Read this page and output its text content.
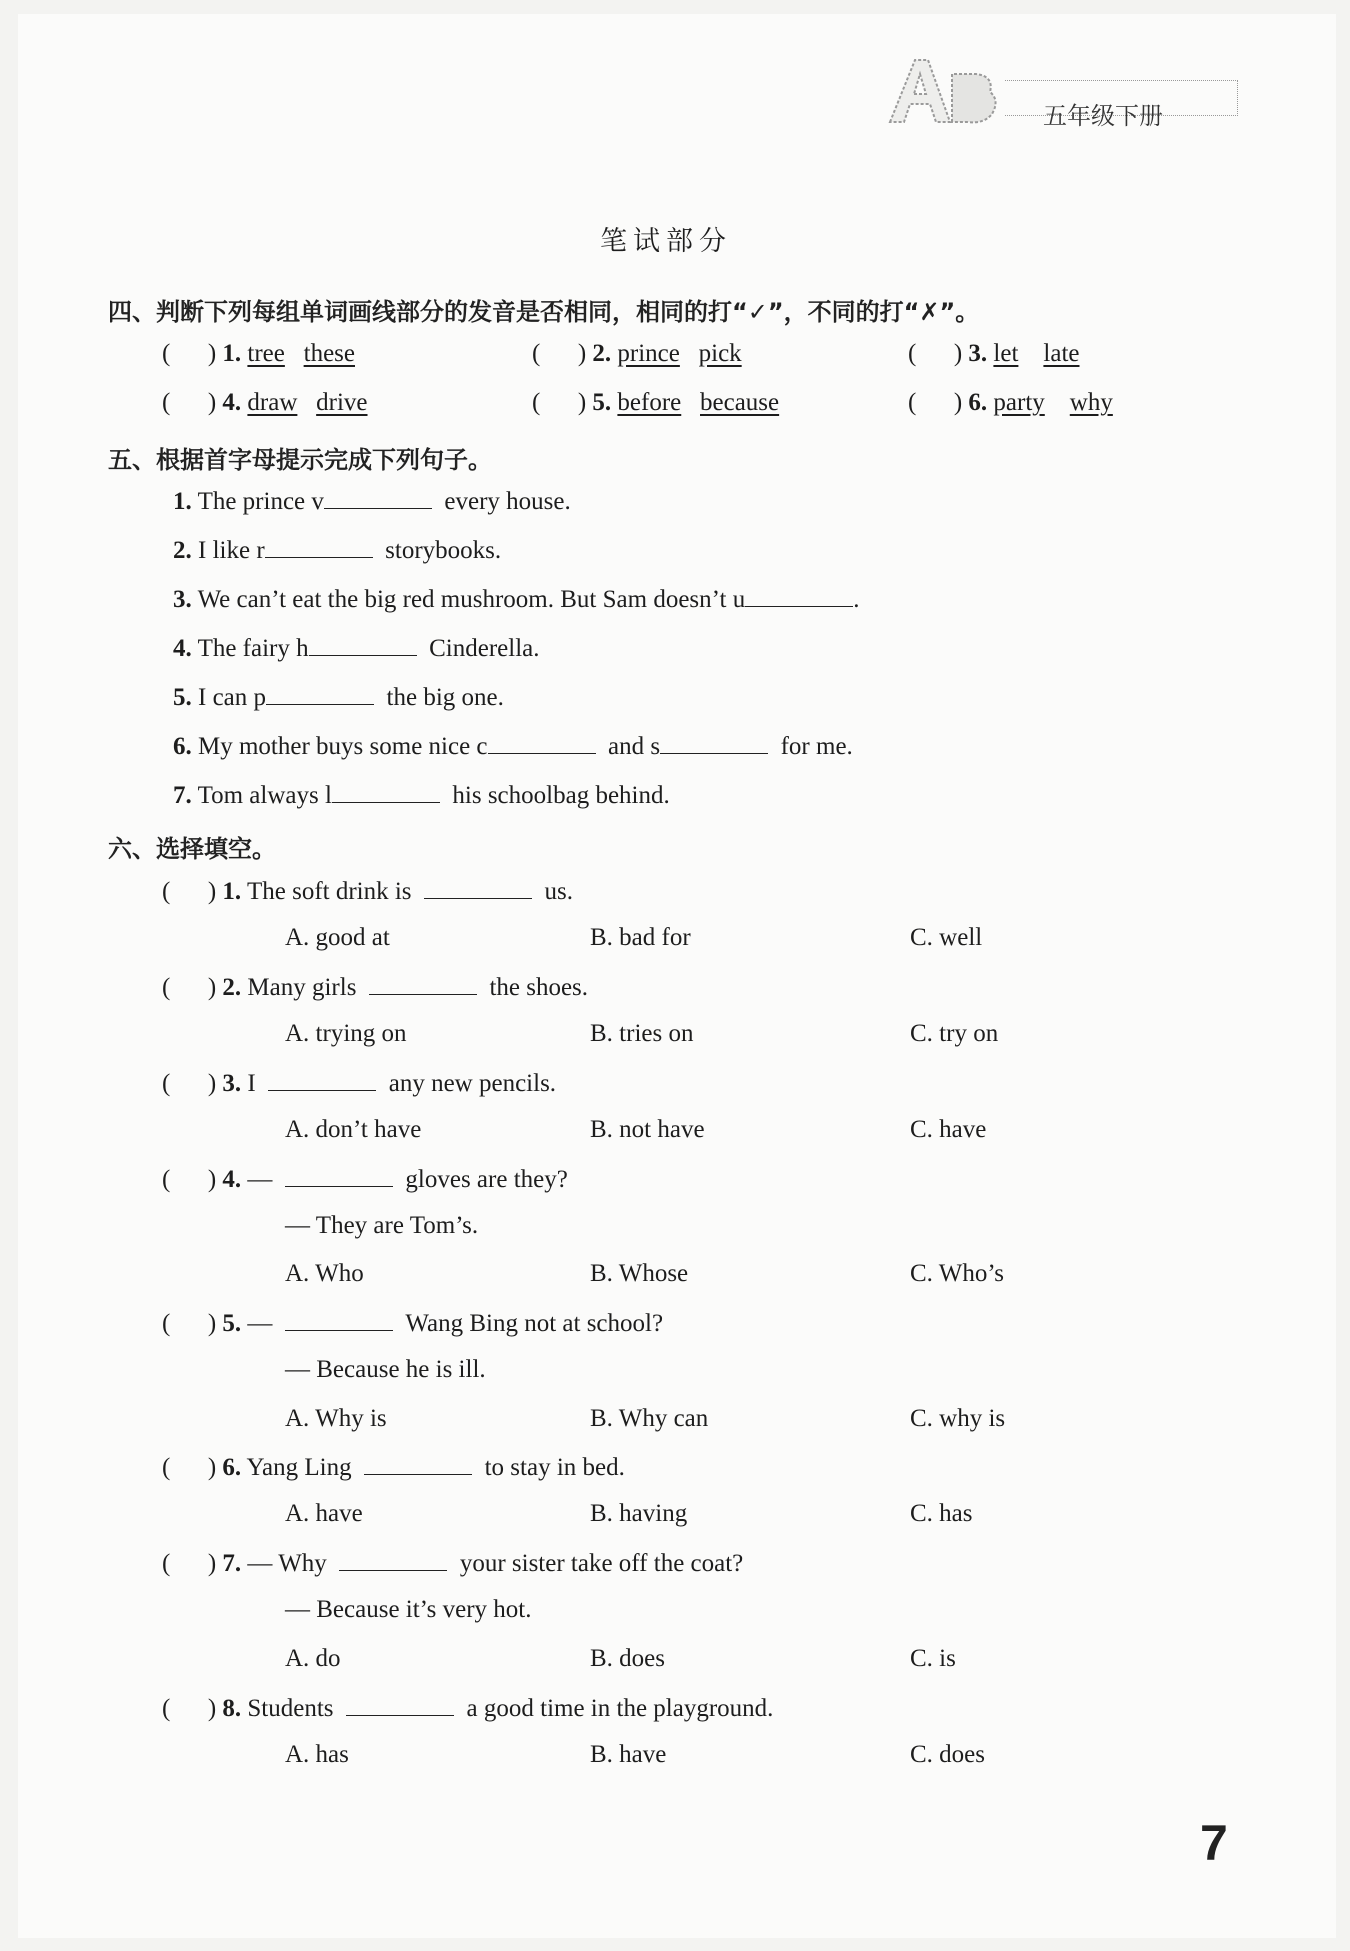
五年级下册
笔试部分
四、判断下列每组单词画线部分的发音是否相同，相同的打“✓”，不同的打“✗”。
(      ) 1. tree these	(      ) 2. prince pick	(      ) 3. let late
(      ) 4. draw drive	(      ) 5. before because	(      ) 6. party why
五、根据首字母提示完成下列句子。
1. The prince v	every house.
2. I like r	storybooks.
3. We can’t eat the big red mushroom. But Sam doesn’t u	.
4. The fairy h	Cinderella.
5. I can p	the big one.
6. My mother buys some nice c	and s	for me.
7. Tom always l	his schoolbag behind.
六、选择填空。
(      ) 1. The soft drink is	us.
A. good at	B. bad for	C. well
(      ) 2. Many girls	the shoes.
A. trying on	B. tries on	C. try on
(      ) 3. I	any new pencils.
A. don’t have	B. not have	C. have
(      ) 4. —	gloves are they?
— They are Tom’s.
A. Who	B. Whose	C. Who’s
(      ) 5. —	Wang Bing not at school?
— Because he is ill.
A. Why is	B. Why can	C. why is
(      ) 6. Yang Ling	to stay in bed.
A. have	B. having	C. has
(      ) 7. — Why	your sister take off the coat?
— Because it’s very hot.
A. do	B. does	C. is
(      ) 8. Students	a good time in the playground.
A. has	B. have	C. does
7
